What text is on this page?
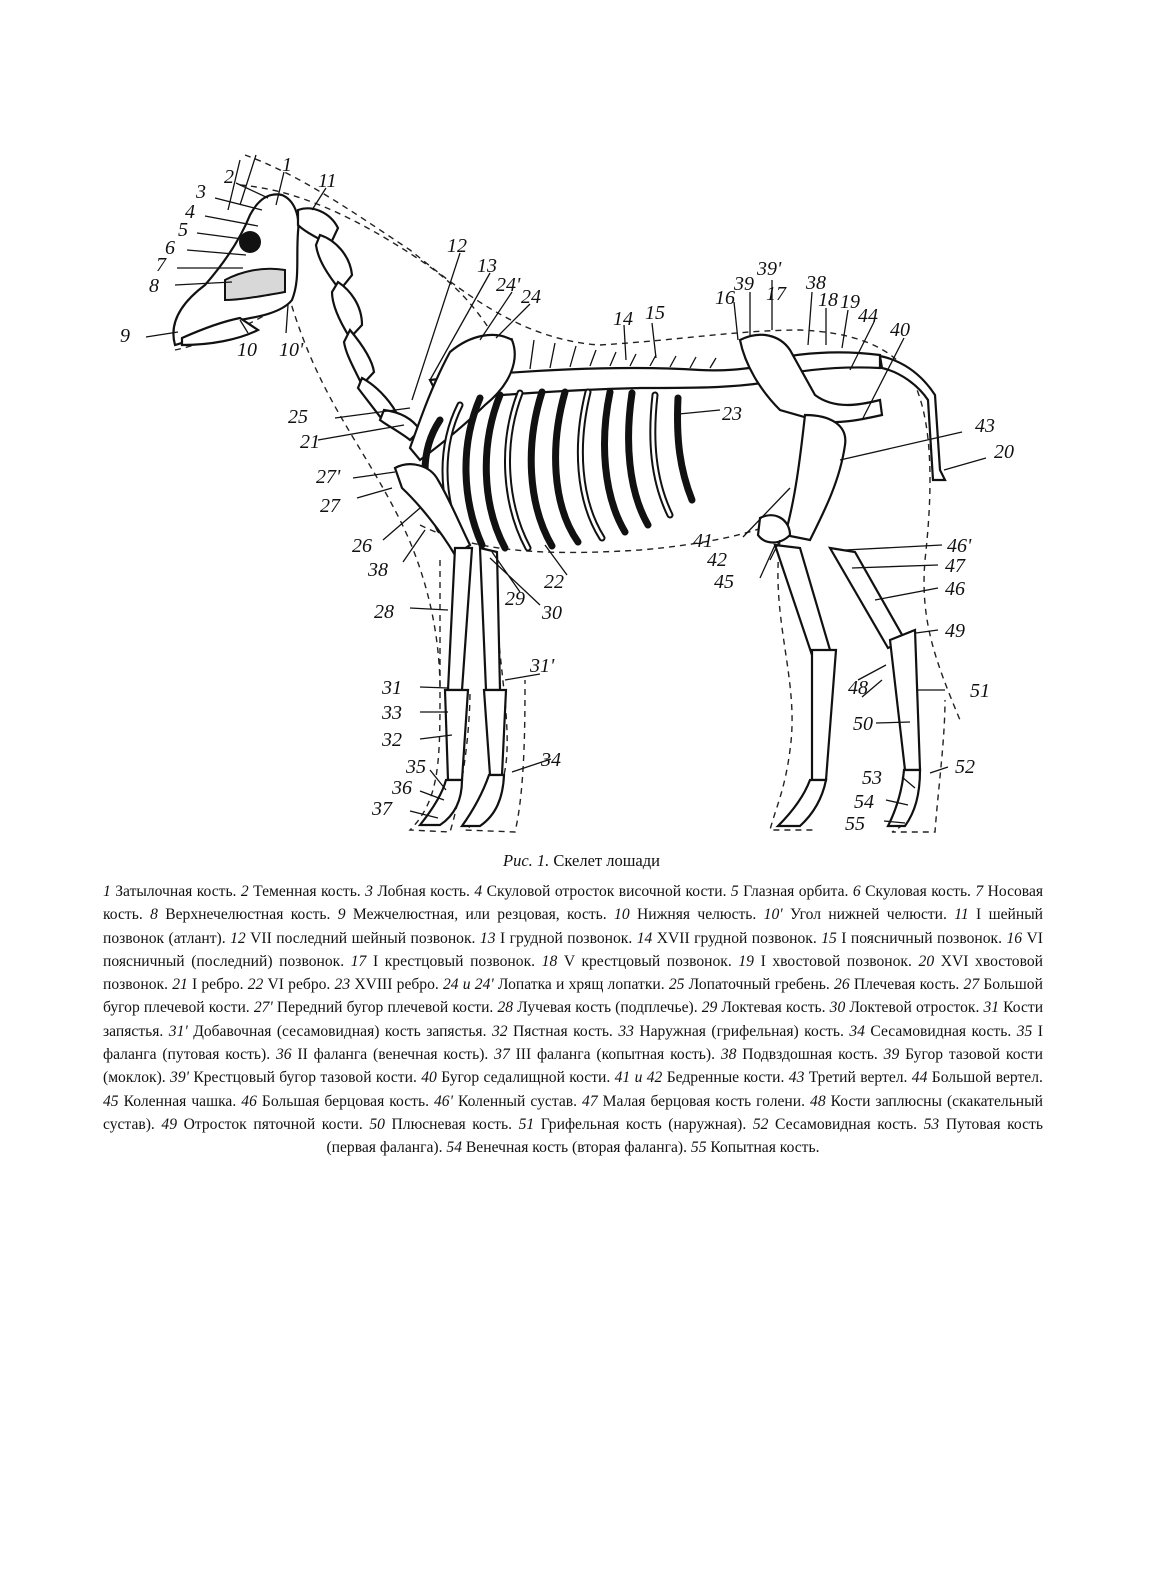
1
2
3
4
5
6
7
8
9
10 10'
11
12
13
24'
24
14 15
16
39
39'
38
17 18 19
44
40
43
20
25
21
23
27'
27
26
38
22
29
30
28
41
42
45
46'
47
46
49
31'
31
33
32
48	51
50
34
35
36
37
52
53
54
55
Рис. 1. Скелет лошади
1 Затылочная кость. 2 Теменная кость. 3 Лобная кость. 4 Скуловой отросток височной кости. 5 Глазная орбита. 6 Скуловая кость. 7 Носовая кость. 8 Верхнечелюстная кость. 9 Межчелюстная, или резцовая, кость. 10 Нижняя челюсть. 10' Угол нижней челюсти. 11 I шейный позвонок (атлант). 12 VII последний шейный позвонок. 13 I грудной позвонок. 14 XVII грудной позвонок. 15 I поясничный позвонок. 16 VI поясничный (последний) позвонок. 17 I крестцовый позвонок. 18 V крестцовый позвонок. 19 I хвостовой позвонок. 20 XVI хвостовой позвонок. 21 I ребро. 22 VI ребро. 23 XVIII ребро. 24 и 24' Лопатка и хрящ лопатки. 25 Лопаточный гребень. 26 Плечевая кость. 27 Большой бугор плечевой кости. 27' Передний бугор плечевой кости. 28 Лучевая кость (подплечье). 29 Локтевая кость. 30 Локтевой отросток. 31 Кости запястья. 31' Добавочная (сесамовидная) кость запястья. 32 Пястная кость. 33 Наружная (грифельная) кость. 34 Сесамовидная кость. 35 I фаланга (путовая кость). 36 II фаланга (венечная кость). 37 III фаланга (копытная кость). 38 Подвздошная кость. 39 Бугор тазовой кости (моклок). 39' Крестцовый бугор тазовой кости. 40 Бугор седалищной кости. 41 и 42 Бедренные кости. 43 Третий вертел. 44 Большой вертел. 45 Коленная чашка. 46 Большая берцовая кость. 46' Коленный сустав. 47 Малая берцовая кость голени. 48 Кости заплюсны (скакательный сустав). 49 Отросток пяточной кости. 50 Плюсневая кость. 51 Грифельная кость (наружная). 52 Сесамовидная кость. 53 Путовая кость (первая фаланга). 54 Венечная кость (вторая фаланга). 55 Копытная кость.
